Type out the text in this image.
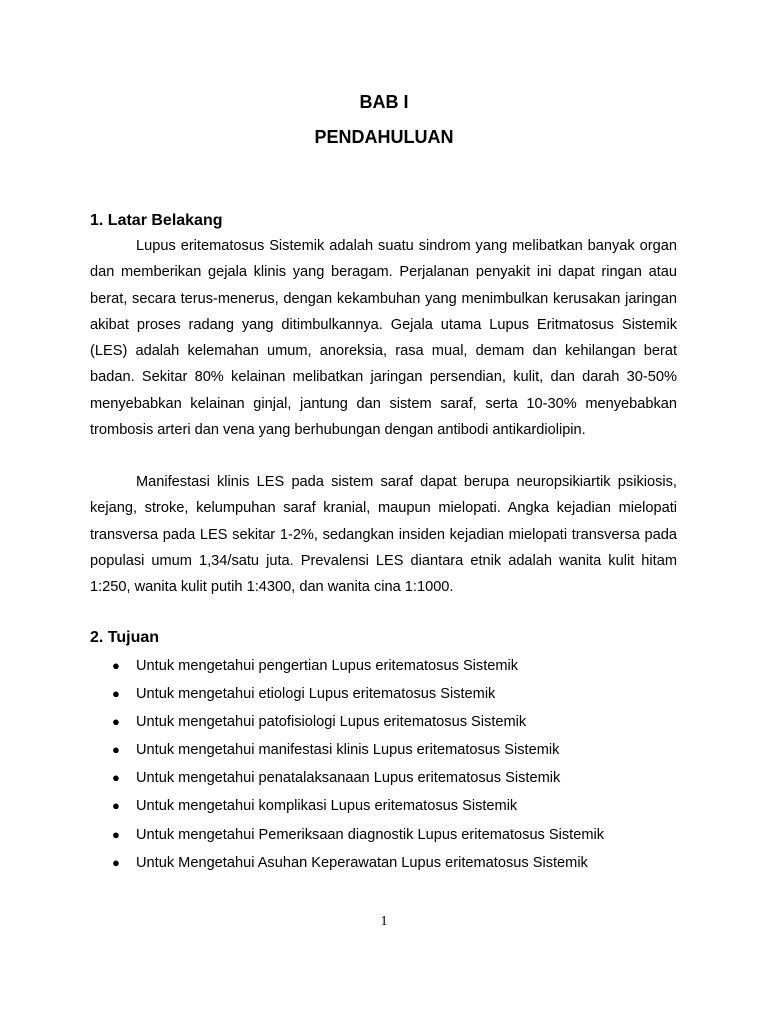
BAB I
PENDAHULUAN
1. Latar Belakang

Lupus eritematosus Sistemik adalah suatu sindrom yang melibatkan banyak organ dan memberikan gejala klinis yang beragam. Perjalanan penyakit ini dapat ringan atau berat, secara terus-menerus, dengan kekambuhan yang menimbulkan kerusakan jaringan akibat proses radang yang ditimbulkannya. Gejala utama Lupus Eritmatosus Sistemik (LES) adalah kelemahan umum, anoreksia, rasa mual, demam dan kehilangan berat badan. Sekitar 80% kelainan melibatkan jaringan persendian, kulit, dan darah 30-50% menyebabkan kelainan ginjal, jantung dan sistem saraf, serta 10-30% menyebabkan trombosis arteri dan vena yang berhubungan dengan antibodi antikardiolipin.

Manifestasi klinis LES pada sistem saraf dapat berupa neuropsikiartik psikiosis, kejang, stroke, kelumpuhan saraf kranial, maupun mielopati. Angka kejadian mielopati transversa pada LES sekitar 1-2%, sedangkan insiden kejadian mielopati transversa pada populasi umum 1,34/satu juta. Prevalensi LES diantara etnik adalah wanita kulit hitam 1:250, wanita kulit putih 1:4300, dan wanita cina 1:1000.

2. Tujuan
● Untuk mengetahui pengertian Lupus eritematosus Sistemik
● Untuk mengetahui etiologi Lupus eritematosus Sistemik
● Untuk mengetahui patofisiologi Lupus eritematosus Sistemik
● Untuk mengetahui manifestasi klinis Lupus eritematosus Sistemik
● Untuk mengetahui penatalaksanaan Lupus eritematosus Sistemik
● Untuk mengetahui komplikasi Lupus eritematosus Sistemik
● Untuk mengetahui Pemeriksaan diagnostik Lupus eritematosus Sistemik
● Untuk Mengetahui Asuhan Keperawatan Lupus eritematosus Sistemik
1
